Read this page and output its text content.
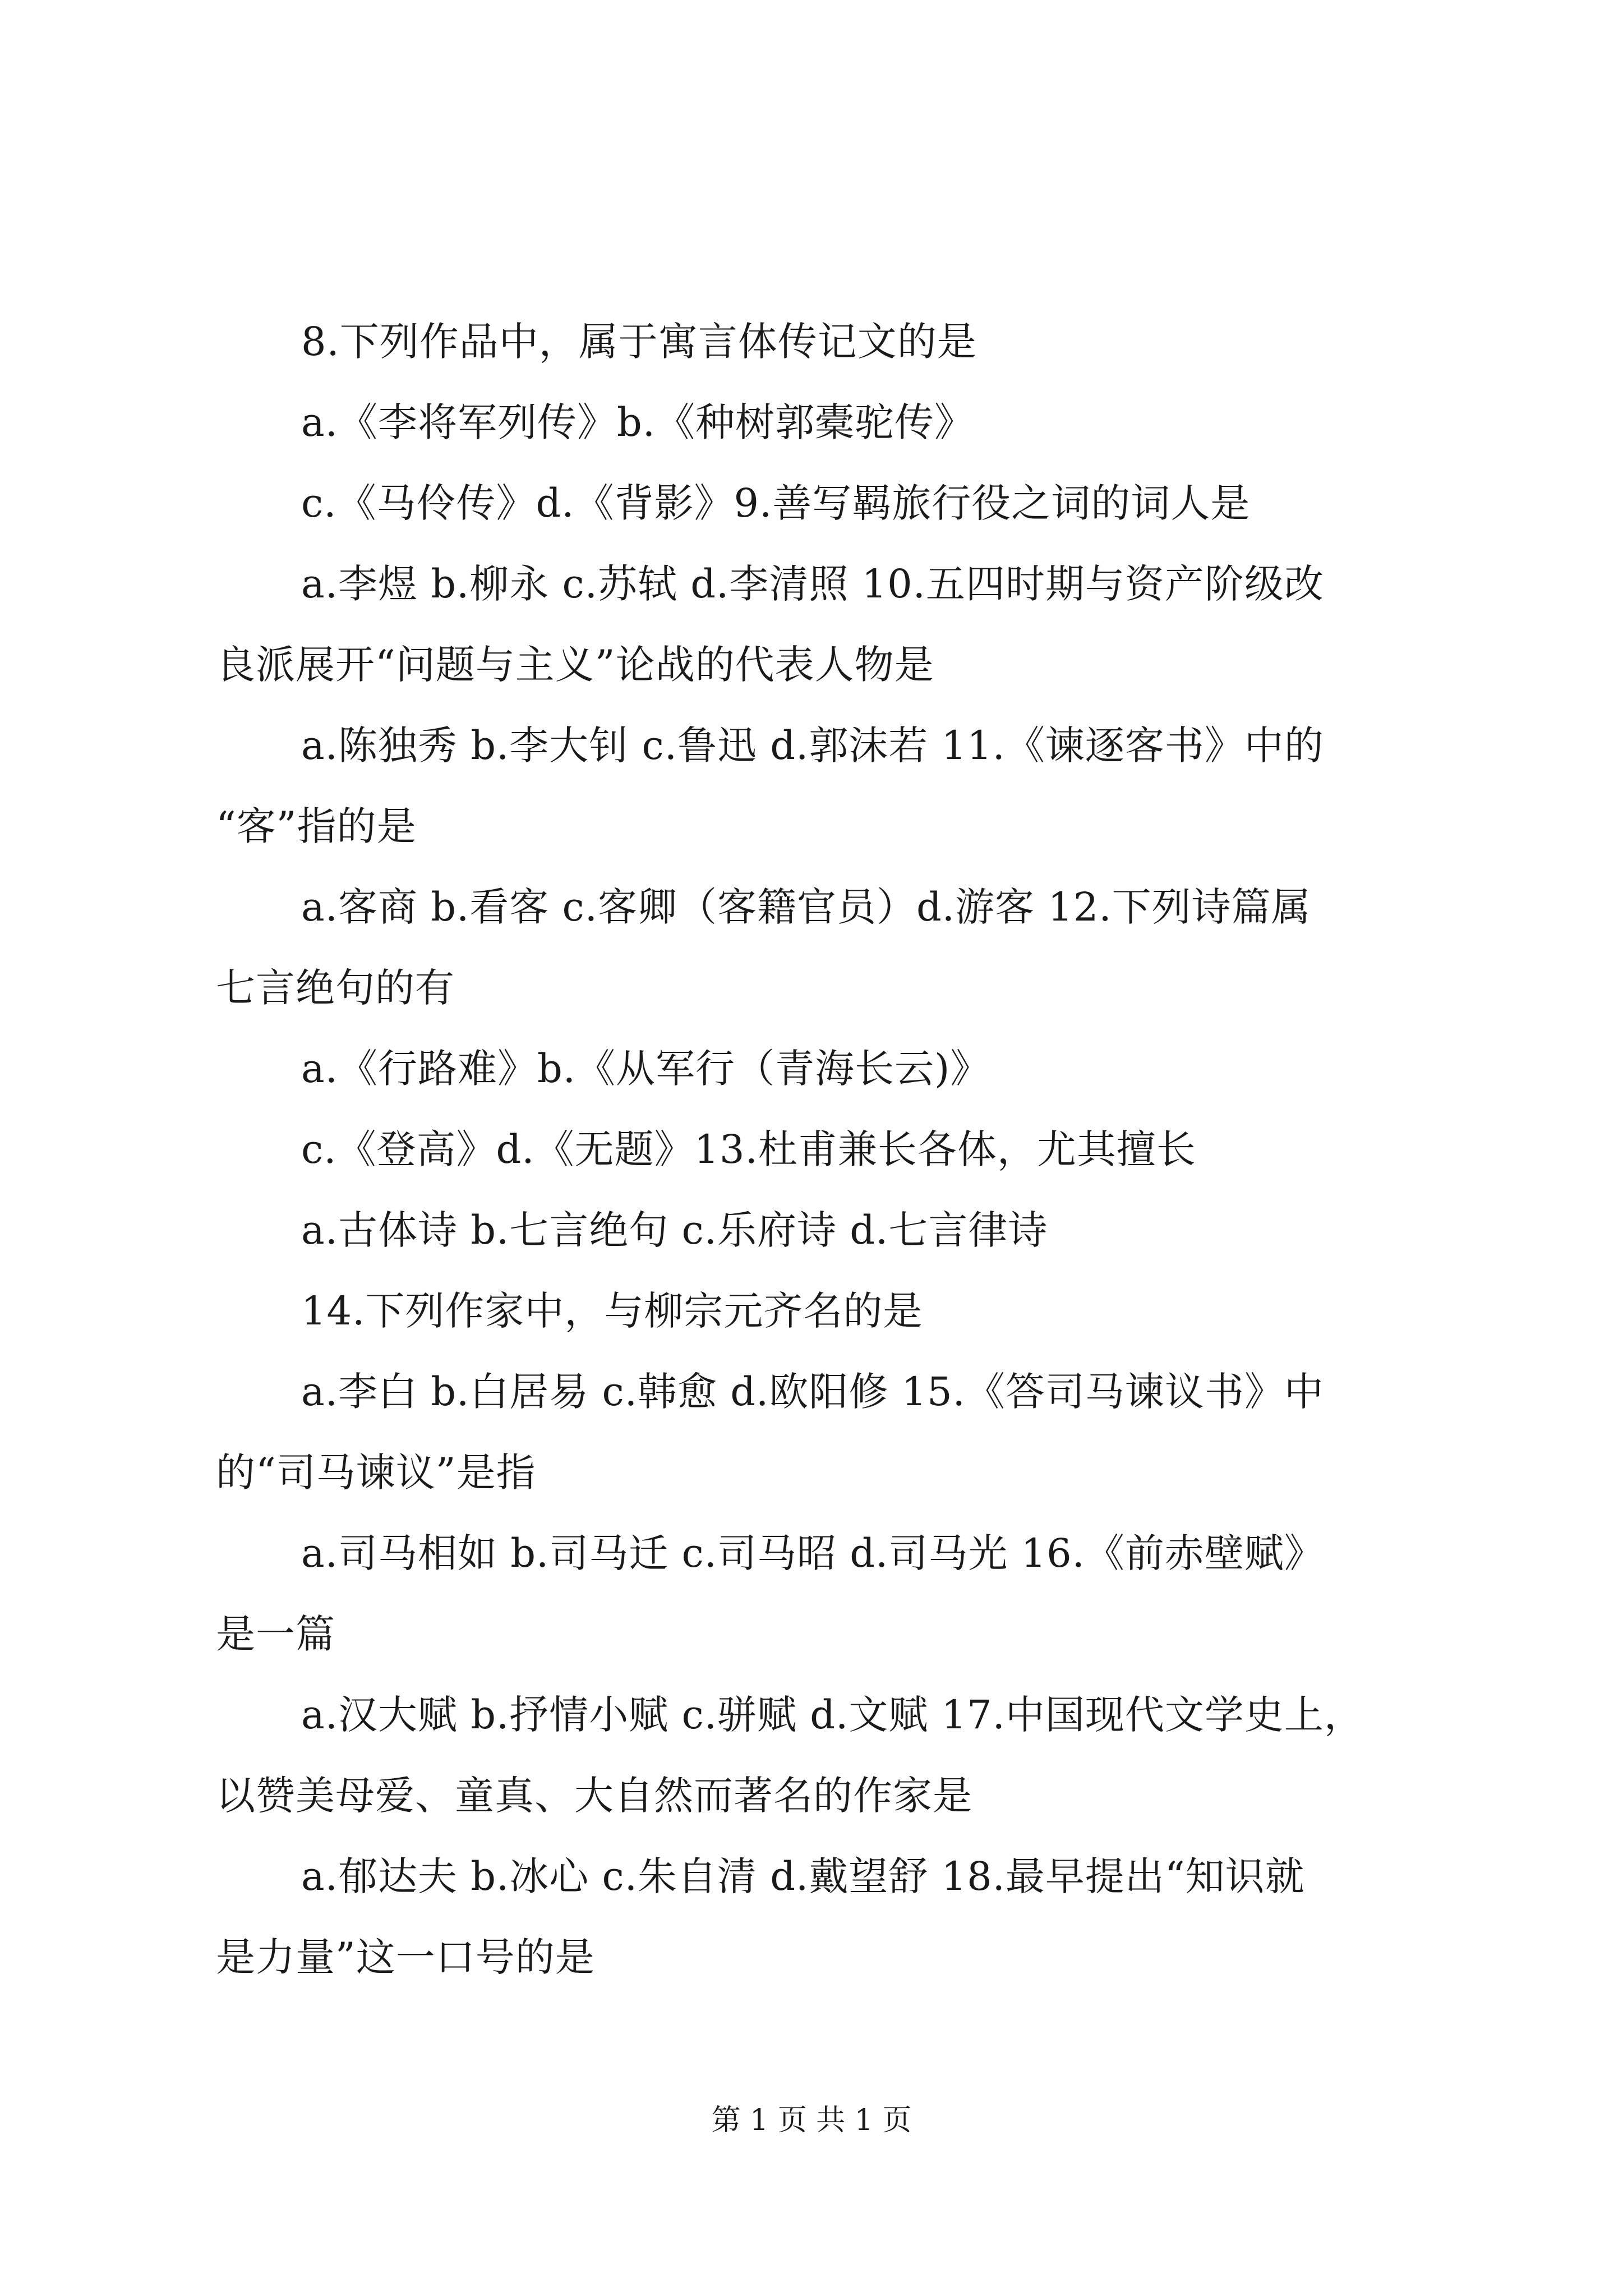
8.下列作品中，属于寓言体传记文的是
a.《李将军列传》b.《种树郭橐驼传》
c.《马伶传》d.《背影》9.善写羁旅行役之词的词人是
a.李煜 b.柳永 c.苏轼 d.李清照 10.五四时期与资产阶级改
良派展开“问题与主义”论战的代表人物是
a.陈独秀 b.李大钊 c.鲁迅 d.郭沫若 11.《谏逐客书》中的
“客”指的是
a.客商 b.看客 c.客卿（客籍官员）d.游客 12.下列诗篇属
七言绝句的有
a.《行路难》b.《从军行（青海长云)》
c.《登高》d.《无题》13.杜甫兼长各体，尤其擅长
a.古体诗 b.七言绝句 c.乐府诗 d.七言律诗
14.下列作家中，与柳宗元齐名的是
a.李白 b.白居易 c.韩愈 d.欧阳修 15.《答司马谏议书》中
的“司马谏议”是指
a.司马相如 b.司马迁 c.司马昭 d.司马光 16.《前赤壁赋》
是一篇
a.汉大赋 b.抒情小赋 c.骈赋 d.文赋 17.中国现代文学史上，
以赞美母爱、童真、大自然而著名的作家是
a.郁达夫 b.冰心 c.朱自清 d.戴望舒 18.最早提出“知识就
是力量”这一口号的是
第 1 页 共 1 页
